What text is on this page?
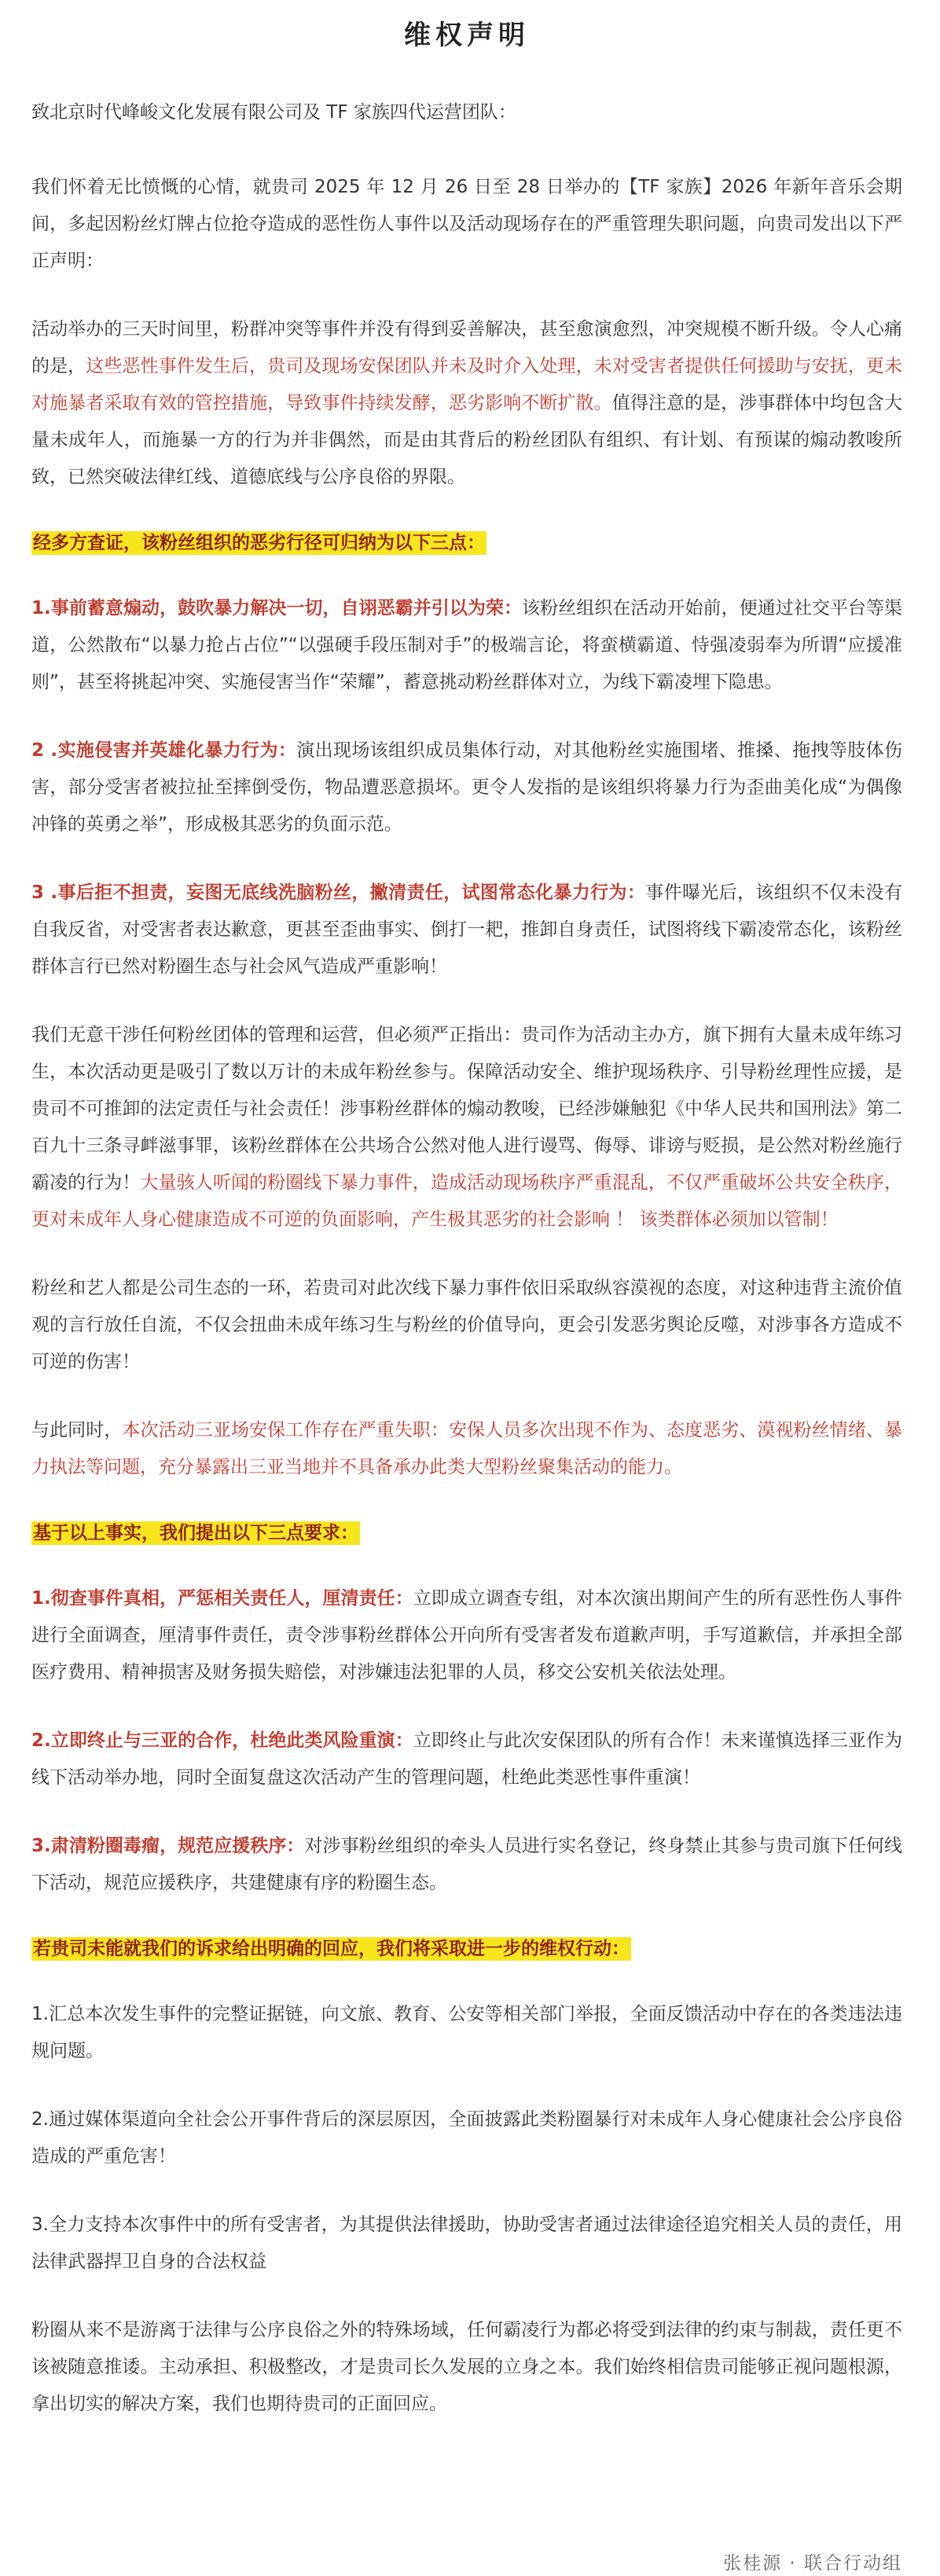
维权声明
致北京时代峰峻文化发展有限公司及 TF 家族四代运营团队：
我们怀着无比愤慨的心情，就贵司 2025 年 12 月 26 日至 28 日举办的【TF 家族】2026 年新年音乐会期间，多起因粉丝灯牌占位抢夺造成的恶性伤人事件以及活动现场存在的严重管理失职问题，向贵司发出以下严正声明：
活动举办的三天时间里，粉群冲突等事件并没有得到妥善解决，甚至愈演愈烈，冲突规模不断升级。令人心痛的是，这些恶性事件发生后，贵司及现场安保团队并未及时介入处理，未对受害者提供任何援助与安抚，更未对施暴者采取有效的管控措施，导致事件持续发酵，恶劣影响不断扩散。值得注意的是，涉事群体中均包含大量未成年人，而施暴一方的行为并非偶然，而是由其背后的粉丝团队有组织、有计划、有预谋的煽动教唆所致，已然突破法律红线、道德底线与公序良俗的界限。
经多方查证，该粉丝组织的恶劣行径可归纳为以下三点：
1.事前蓄意煽动，鼓吹暴力解决一切，自诩恶霸并引以为荣：该粉丝组织在活动开始前，便通过社交平台等渠道，公然散布“以暴力抢占占位”“以强硬手段压制对手”的极端言论，将蛮横霸道、恃强凌弱奉为所谓“应援准则”，甚至将挑起冲突、实施侵害当作“荣耀”，蓄意挑动粉丝群体对立，为线下霸凌埋下隐患。
2 .实施侵害并英雄化暴力行为：演出现场该组织成员集体行动，对其他粉丝实施围堵、推搡、拖拽等肢体伤害，部分受害者被拉扯至摔倒受伤，物品遭恶意损坏。更令人发指的是该组织将暴力行为歪曲美化成“为偶像冲锋的英勇之举”，形成极其恶劣的负面示范。
3 .事后拒不担责，妄图无底线洗脑粉丝，撇清责任，试图常态化暴力行为：事件曝光后，该组织不仅未没有自我反省，对受害者表达歉意，更甚至歪曲事实、倒打一耙，推卸自身责任，试图将线下霸凌常态化，该粉丝群体言行已然对粉圈生态与社会风气造成严重影响！
我们无意干涉任何粉丝团体的管理和运营，但必须严正指出：贵司作为活动主办方，旗下拥有大量未成年练习生，本次活动更是吸引了数以万计的未成年粉丝参与。保障活动安全、维护现场秩序、引导粉丝理性应援，是贵司不可推卸的法定责任与社会责任！涉事粉丝群体的煽动教唆，已经涉嫌触犯《中华人民共和国刑法》第二百九十三条寻衅滋事罪，该粉丝群体在公共场合公然对他人进行谩骂、侮辱、诽谤与贬损，是公然对粉丝施行霸凌的行为！大量骇人听闻的粉圈线下暴力事件，造成活动现场秩序严重混乱，不仅严重破坏公共安全秩序，更对未成年人身心健康造成不可逆的负面影响，产生极其恶劣的社会影响 ！ 该类群体必须加以管制！
粉丝和艺人都是公司生态的一环，若贵司对此次线下暴力事件依旧采取纵容漠视的态度，对这种违背主流价值观的言行放任自流，不仅会扭曲未成年练习生与粉丝的价值导向，更会引发恶劣舆论反噬，对涉事各方造成不可逆的伤害！
与此同时，本次活动三亚场安保工作存在严重失职：安保人员多次出现不作为、态度恶劣、漠视粉丝情绪、暴力执法等问题，充分暴露出三亚当地并不具备承办此类大型粉丝聚集活动的能力。
基于以上事实，我们提出以下三点要求：
1.彻查事件真相，严惩相关责任人，厘清责任：立即成立调查专组，对本次演出期间产生的所有恶性伤人事件进行全面调查，厘清事件责任，责令涉事粉丝群体公开向所有受害者发布道歉声明，手写道歉信，并承担全部医疗费用、精神损害及财务损失赔偿，对涉嫌违法犯罪的人员，移交公安机关依法处理。
2.立即终止与三亚的合作，杜绝此类风险重演：立即终止与此次安保团队的所有合作！未来谨慎选择三亚作为线下活动举办地，同时全面复盘这次活动产生的管理问题，杜绝此类恶性事件重演！
3.肃清粉圈毒瘤，规范应援秩序：对涉事粉丝组织的牵头人员进行实名登记，终身禁止其参与贵司旗下任何线下活动，规范应援秩序，共建健康有序的粉圈生态。
若贵司未能就我们的诉求给出明确的回应，我们将采取进一步的维权行动：
1.汇总本次发生事件的完整证据链，向文旅、教育、公安等相关部门举报，全面反馈活动中存在的各类违法违规问题。
2.通过媒体渠道向全社会公开事件背后的深层原因，全面披露此类粉圈暴行对未成年人身心健康社会公序良俗造成的严重危害！
3.全力支持本次事件中的所有受害者，为其提供法律援助，协助受害者通过法律途径追究相关人员的责任，用法律武器捍卫自身的合法权益
粉圈从来不是游离于法律与公序良俗之外的特殊场域，任何霸凌行为都必将受到法律的约束与制裁，责任更不该被随意推诿。主动承担、积极整改，才是贵司长久发展的立身之本。我们始终相信贵司能够正视问题根源，拿出切实的解决方案，我们也期待贵司的正面回应。
张桂源 · 联合行动组
